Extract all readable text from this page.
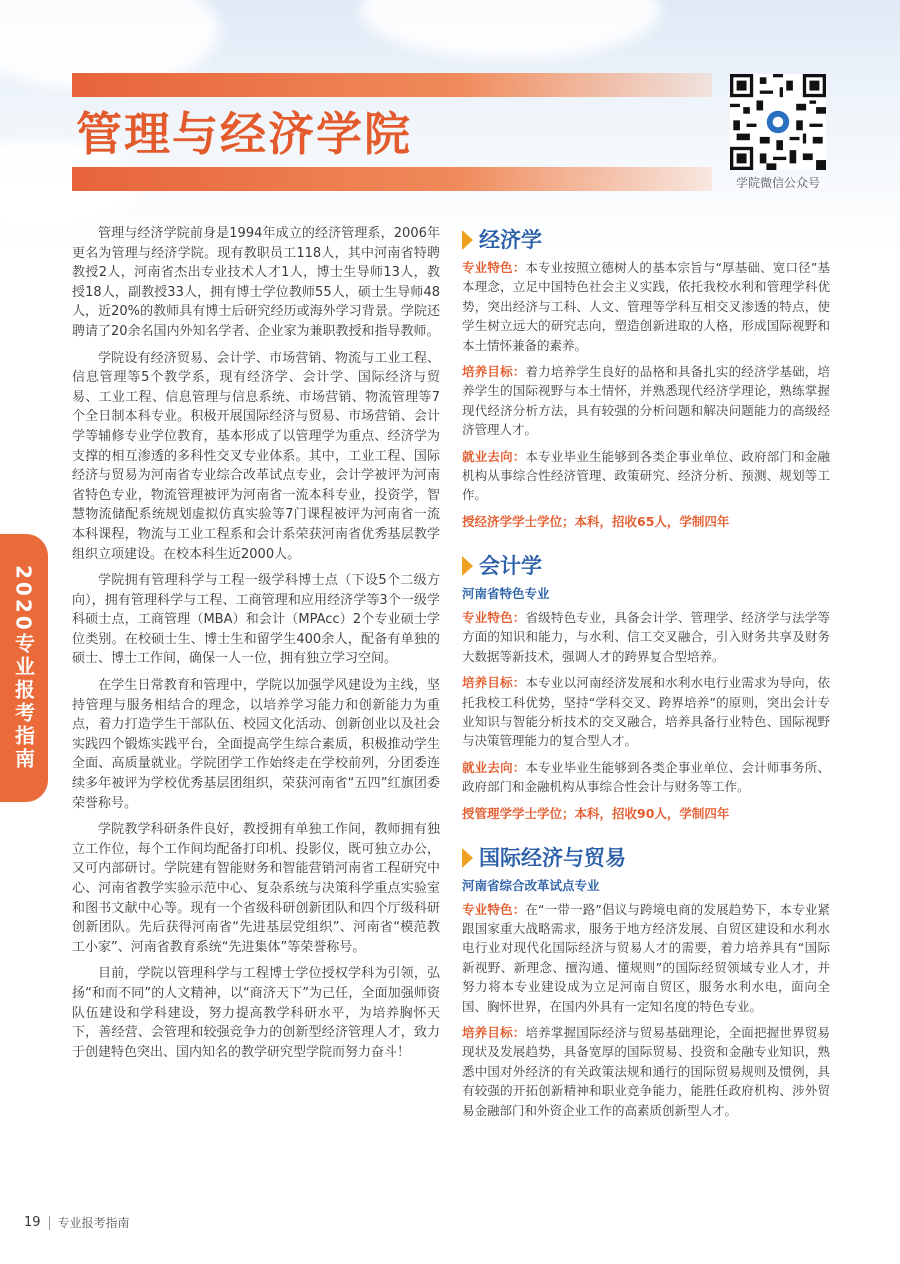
管理与经济学院
学院微信公众号
2020专业报考指南

管理与经济学院前身是1994年成立的经济管理系，2006年更名为管理与经济学院。现有教职员工118人，其中河南省特聘教授2人，河南省杰出专业技术人才1人，博士生导师13人，教授18人，副教授33人，拥有博士学位教师55人，硕士生导师48人，近20%的教师具有博士后研究经历或海外学习背景。学院还聘请了20余名国内外知名学者、企业家为兼职教授和指导教师。

学院设有经济贸易、会计学、市场营销、物流与工业工程、信息管理等5个教学系，现有经济学、会计学、国际经济与贸易、工业工程、信息管理与信息系统、市场营销、物流管理等7个全日制本科专业。积极开展国际经济与贸易、市场营销、会计学等辅修专业学位教育，基本形成了以管理学为重点、经济学为支撑的相互渗透的多科性交叉专业体系。其中，工业工程、国际经济与贸易为河南省专业综合改革试点专业，会计学被评为河南省特色专业，物流管理被评为河南省一流本科专业，投资学，智慧物流储配系统规划虚拟仿真实验等7门课程被评为河南省一流本科课程，物流与工业工程系和会计系荣获河南省优秀基层教学组织立项建设。在校本科生近2000人。

学院拥有管理科学与工程一级学科博士点（下设5个二级方向），拥有管理科学与工程、工商管理和应用经济学等3个一级学科硕士点，工商管理（MBA）和会计（MPAcc）2个专业硕士学位类别。在校硕士生、博士生和留学生400余人，配备有单独的硕士、博士工作间，确保一人一位，拥有独立学习空间。

在学生日常教育和管理中，学院以加强学风建设为主线，坚持管理与服务相结合的理念，以培养学习能力和创新能力为重点，着力打造学生干部队伍、校园文化活动、创新创业以及社会实践四个锻炼实践平台，全面提高学生综合素质，积极推动学生全面、高质量就业。学院团学工作始终走在学校前列，分团委连续多年被评为学校优秀基层团组织，荣获河南省“五四”红旗团委荣誉称号。

学院教学科研条件良好，教授拥有单独工作间，教师拥有独立工作位，每个工作间均配备打印机、投影仪，既可独立办公，又可内部研讨。学院建有智能财务和智能营销河南省工程研究中心、河南省教学实验示范中心、复杂系统与决策科学重点实验室和图书文献中心等。现有一个省级科研创新团队和四个厅级科研创新团队。先后获得河南省“先进基层党组织”、河南省“模范教工小家”、河南省教育系统“先进集体”等荣誉称号。

目前，学院以管理科学与工程博士学位授权学科为引领，弘扬“和而不同”的人文精神，以“商济天下”为己任，全面加强师资队伍建设和学科建设，努力提高教学科研水平，为培养胸怀天下，善经营、会管理和较强竞争力的创新型经济管理人才，致力于创建特色突出、国内知名的教学研究型学院而努力奋斗！

经济学

专业特色：本专业按照立德树人的基本宗旨与“厚基础、宽口径”基本理念，立足中国特色社会主义实践，依托我校水利和管理学科优势，突出经济与工科、人文、管理等学科互相交叉渗透的特点，使学生树立远大的研究志向，塑造创新进取的人格，形成国际视野和本土情怀兼备的素养。

培养目标：着力培养学生良好的品格和具备扎实的经济学基础，培养学生的国际视野与本土情怀，并熟悉现代经济学理论，熟练掌握现代经济分析方法，具有较强的分析问题和解决问题能力的高级经济管理人才。

就业去向：本专业毕业生能够到各类企事业单位、政府部门和金融机构从事综合性经济管理、政策研究、经济分析、预测、规划等工作。

授经济学学士学位；本科，招收65人，学制四年

会计学

河南省特色专业

专业特色：省级特色专业，具备会计学、管理学、经济学与法学等方面的知识和能力，与水利、信工交叉融合，引入财务共享及财务大数据等新技术，强调人才的跨界复合型培养。

培养目标：本专业以河南经济发展和水利水电行业需求为导向，依托我校工科优势，坚持“学科交叉、跨界培养”的原则，突出会计专业知识与智能分析技术的交叉融合，培养具备行业特色、国际视野与决策管理能力的复合型人才。

就业去向：本专业毕业生能够到各类企事业单位、会计师事务所、政府部门和金融机构从事综合性会计与财务等工作。

授管理学学士学位；本科，招收90人，学制四年

国际经济与贸易

河南省综合改革试点专业

专业特色：在“一带一路”倡议与跨境电商的发展趋势下，本专业紧跟国家重大战略需求，服务于地方经济发展、自贸区建设和水利水电行业对现代化国际经济与贸易人才的需要，着力培养具有“国际新视野、新理念、擅沟通、懂规则”的国际经贸领域专业人才，并努力将本专业建设成为立足河南自贸区，服务水利水电，面向全国、胸怀世界，在国内外具有一定知名度的特色专业。

培养目标：培养掌握国际经济与贸易基础理论，全面把握世界贸易现状及发展趋势，具备宽厚的国际贸易、投资和金融专业知识，熟悉中国对外经济的有关政策法规和通行的国际贸易规则及惯例，具有较强的开拓创新精神和职业竞争能力，能胜任政府机构、涉外贸易金融部门和外资企业工作的高素质创新型人才。

19 专业报考指南
